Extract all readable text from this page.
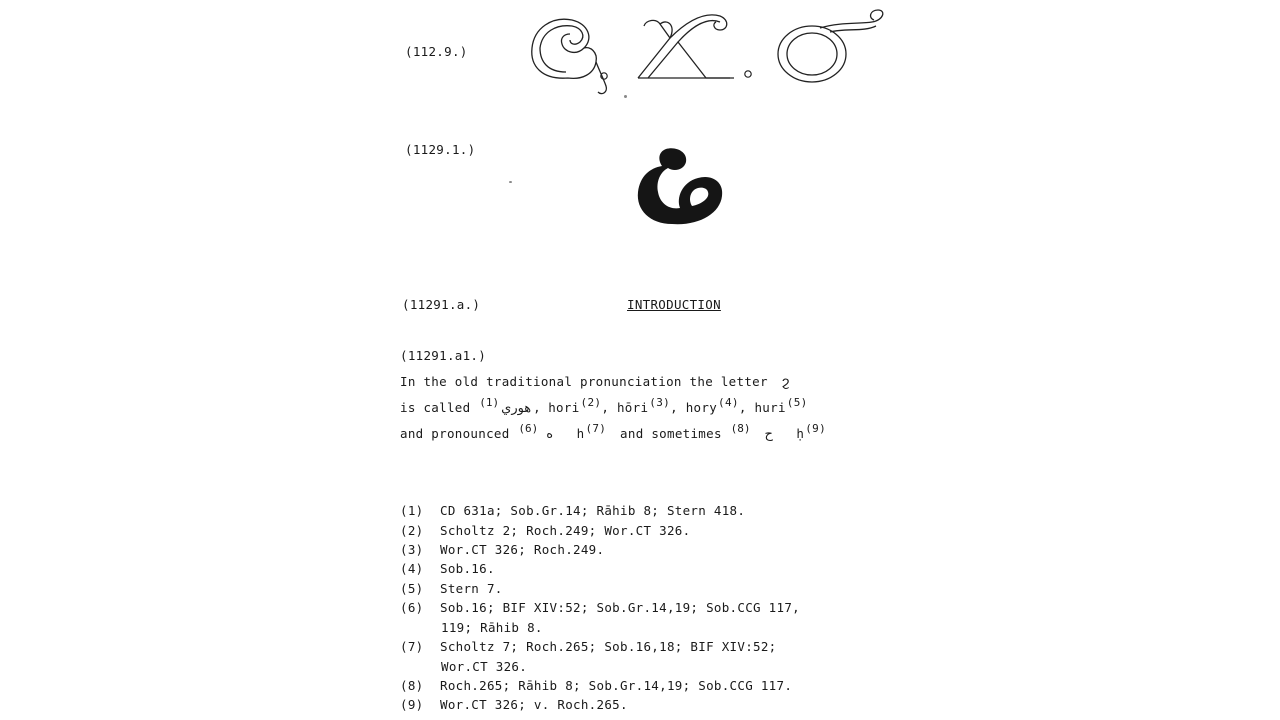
(112.9.)
(1129.1.)
(11291.a.)
(11291.a1.)
INTRODUCTION
In the old traditional pronunciation the letter ϩ
is called هوري$^{(1)}$	, hori$^{(2)}$, hōri$^{(3)}$, hory$^{(4)}$, huri$^{(5)}$
and pronounced	ه$^{(6)}$	$h^{(7)}$ and sometimes	ح$^{(8)}$	ḥ$^{(9)}$
(1) CD 631a; Sob.Gr.14; Rāhib 8; Stern 418.
(2) Scholtz 2; Roch.249; Wor.CT 326.
(3) Wor.CT 326; Roch.249.
(4) Sob.16.
(5) Stern 7.
(6) Sob.16; BIF XIV:52; Sob.Gr.14,19; Sob.CCG 117,
119; Rāhib 8.
(7) Scholtz 7; Roch.265; Sob.16,18; BIF XIV:52;
Wor.CT 326.
(8) Roch.265; Rāhib 8; Sob.Gr.14,19; Sob.CCG 117.
(9) Wor.CT 326; v. Roch.265.
